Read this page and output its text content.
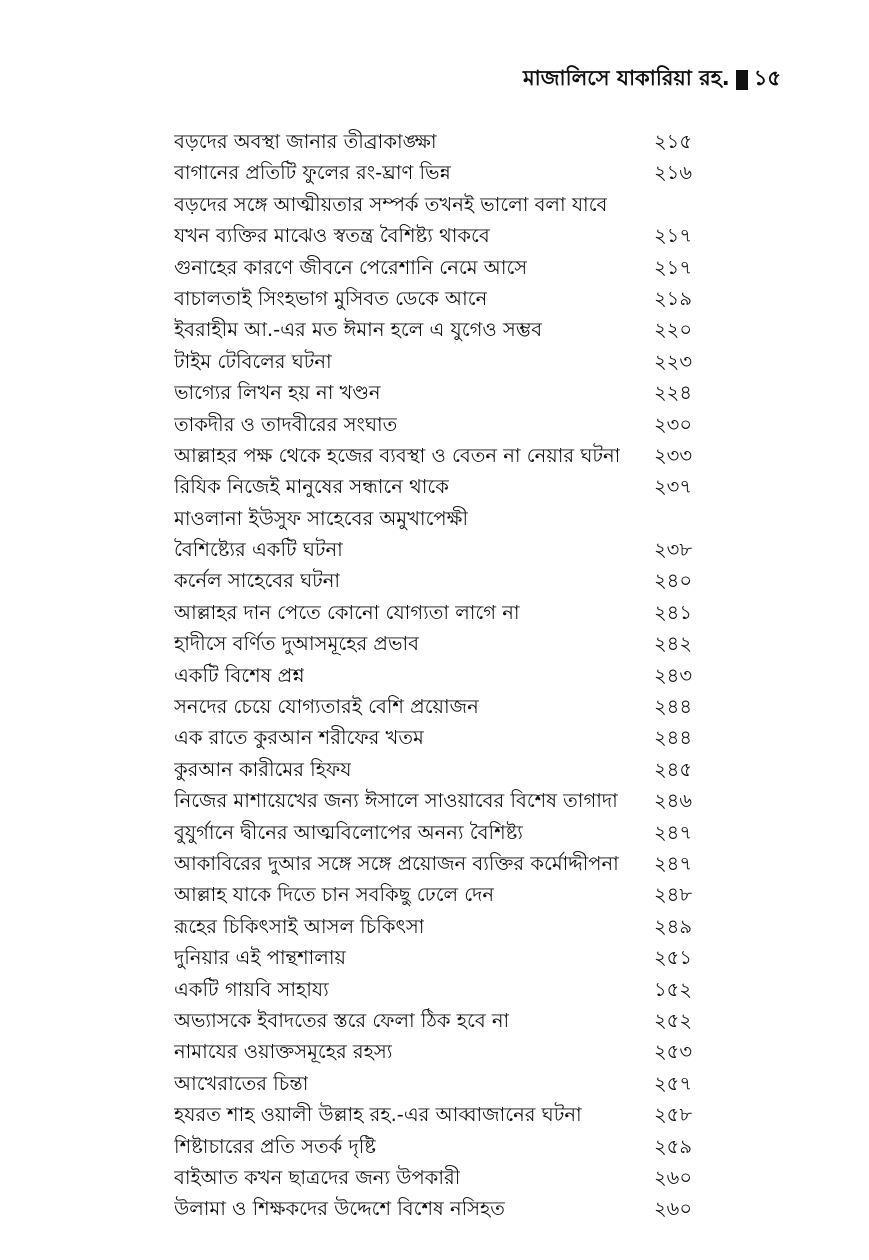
মাজালিসে যাকারিয়া রহ. ১৫
বড়দের অবস্থা জানার তীব্রাকাঙ্ক্ষা	২১৫
বাগানের প্রতিটি ফুলের রং-ঘ্রাণ ভিন্ন	২১৬
বড়দের সঙ্গে আত্মীয়তার সম্পর্ক তখনই ভালো বলা যাবে
যখন ব্যক্তির মাঝেও স্বতন্ত্র বৈশিষ্ট্য থাকবে	২১৭
গুনাহের কারণে জীবনে পেরেশানি নেমে আসে	২১৭
বাচালতাই সিংহভাগ মুসিবত ডেকে আনে	২১৯
ইবরাহীম আ.-এর মত ঈমান হলে এ যুগেও সম্ভব	২২০
টাইম টেবিলের ঘটনা	২২৩
ভাগ্যের লিখন হয় না খণ্ডন	২২৪
তাকদীর ও তাদবীরের সংঘাত	২৩০
আল্লাহর পক্ষ থেকে হজের ব্যবস্থা ও বেতন না নেয়ার ঘটনা ২৩৩
রিযিক নিজেই মানুষের সন্ধানে থাকে	২৩৭
মাওলানা ইউসুফ সাহেবের অমুখাপেক্ষী
বৈশিষ্ট্যের একটি ঘটনা	২৩৮
কর্নেল সাহেবের ঘটনা	২৪০
আল্লাহর দান পেতে কোনো যোগ্যতা লাগে না	২৪১
হাদীসে বর্ণিত দুআসমূহের প্রভাব	২৪২
একটি বিশেষ প্রশ্ন	২৪৩
সনদের চেয়ে যোগ্যতারই বেশি প্রয়োজন	২৪৪
এক রাতে কুরআন শরীফের খতম	২৪৪
কুরআন কারীমের হিফয	২৪৫
নিজের মাশায়েখের জন্য ঈসালে সাওয়াবের বিশেষ তাগাদা ২৪৬
বুযুর্গানে দ্বীনের আত্মবিলোপের অনন্য বৈশিষ্ট্য	২৪৭
আকাবিরের দুআর সঙ্গে সঙ্গে প্রয়োজন ব্যক্তির কর্মোদ্দীপনা ২৪৭
আল্লাহ যাকে দিতে চান সবকিছু ঢেলে দেন	২৪৮
রূহের চিকিৎসাই আসল চিকিৎসা	২৪৯
দুনিয়ার এই পান্থশালায়	২৫১
একটি গায়বি সাহায্য	১৫২
অভ্যাসকে ইবাদতের স্তরে ফেলা ঠিক হবে না	২৫২
নামাযের ওয়াক্তসমূহের রহস্য	২৫৩
আখেরাতের চিন্তা	২৫৭
হযরত শাহ ওয়ালী উল্লাহ রহ.-এর আব্বাজানের ঘটনা	২৫৮
শিষ্টাচারের প্রতি সতর্ক দৃষ্টি	২৫৯
বাইআত কখন ছাত্রদের জন্য উপকারী	২৬০
উলামা ও শিক্ষকদের উদ্দেশে বিশেষ নসিহত	২৬০
